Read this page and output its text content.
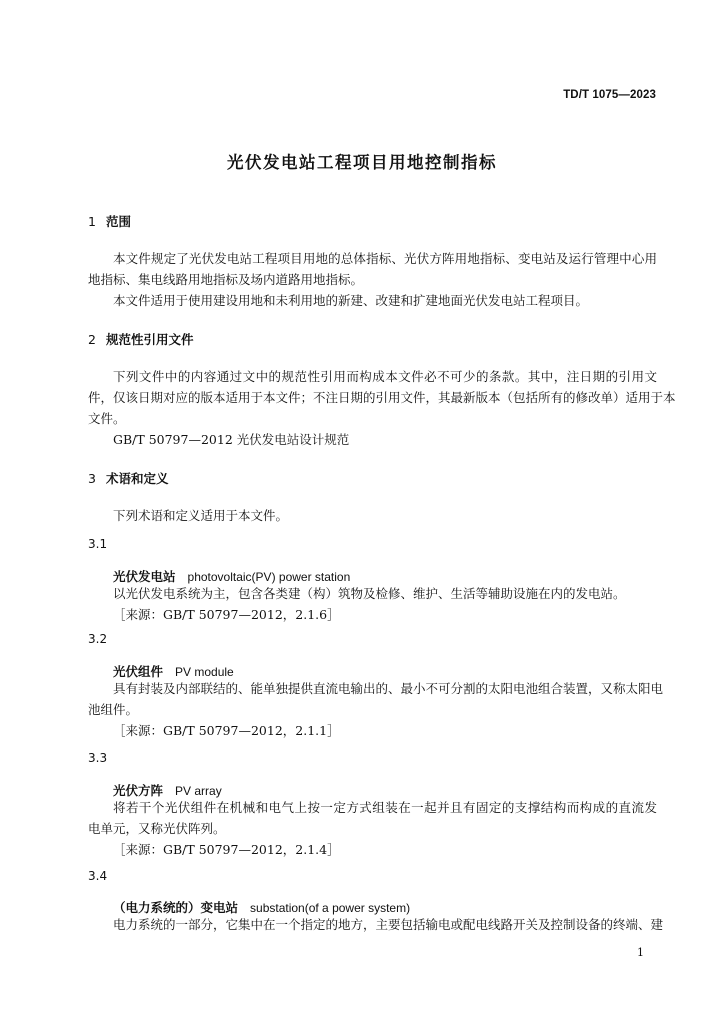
TD/T 1075—2023
光伏发电站工程项目用地控制指标
1 范围
本文件规定了光伏发电站工程项目用地的总体指标、光伏方阵用地指标、变电站及运行管理中心用
地指标、集电线路用地指标及场内道路用地指标。
本文件适用于使用建设用地和未利用地的新建、改建和扩建地面光伏发电站工程项目。
2 规范性引用文件
下列文件中的内容通过文中的规范性引用而构成本文件必不可少的条款。其中，注日期的引用文
件，仅该日期对应的版本适用于本文件；不注日期的引用文件，其最新版本（包括所有的修改单）适用于本
文件。
GB/T 50797—2012 光伏发电站设计规范
3 术语和定义
下列术语和定义适用于本文件。
3.1
光伏发电站 photovoltaic(PV) power station
以光伏发电系统为主，包含各类建（构）筑物及检修、维护、生活等辅助设施在内的发电站。
［来源：GB/T 50797—2012，2.1.6］
3.2
光伏组件 PV module
具有封装及内部联结的、能单独提供直流电输出的、最小不可分割的太阳电池组合装置，又称太阳电
池组件。
［来源：GB/T 50797—2012，2.1.1］
3.3
光伏方阵 PV array
将若干个光伏组件在机械和电气上按一定方式组装在一起并且有固定的支撑结构而构成的直流发
电单元，又称光伏阵列。
［来源：GB/T 50797—2012，2.1.4］
3.4
（电力系统的）变电站 substation(of a power system)
电力系统的一部分，它集中在一个指定的地方，主要包括输电或配电线路开关及控制设备的终端、建
1
